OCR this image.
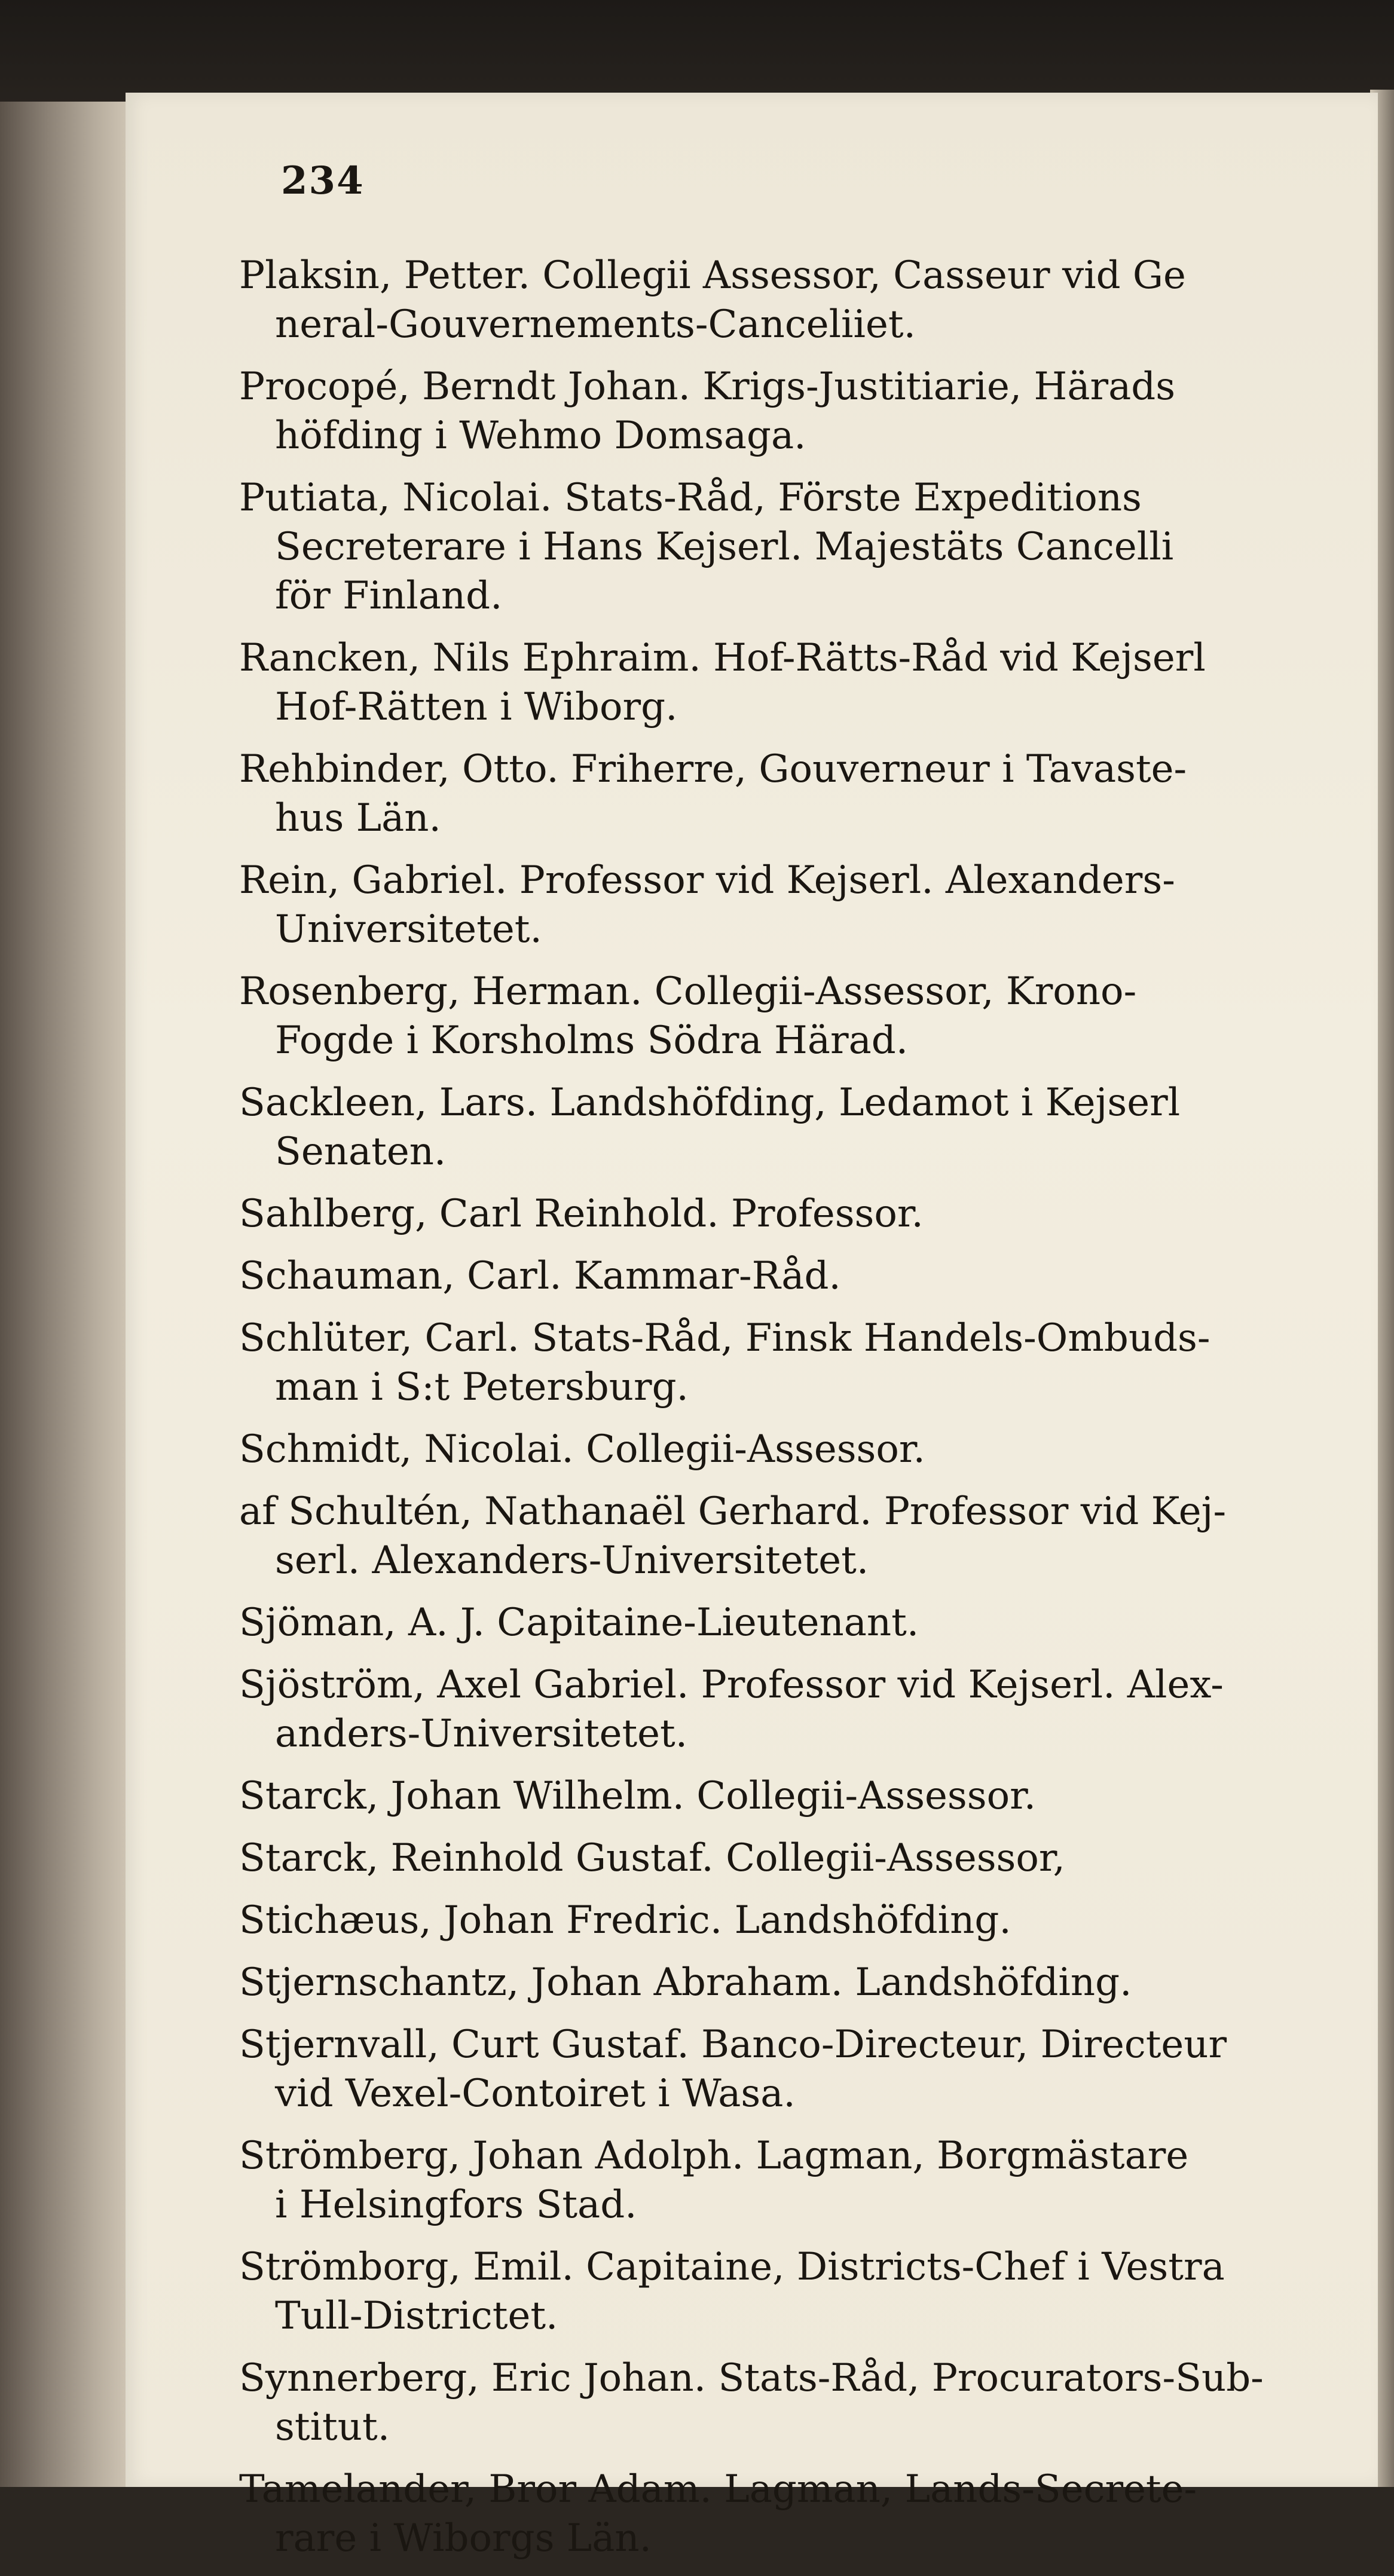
234
Plaksin, Petter. Collegii Assessor, Casseur vid Ge
neral-Gouvernements-Canceliiet.
Procopé, Berndt Johan. Krigs-Justitiarie, Härads
höfding i Wehmo Domsaga.
Putiata, Nicolai. Stats-Råd, Förste Expeditions
Secreterare i Hans Kejserl. Majestäts Cancelli
för Finland.
Rancken, Nils Ephraim. Hof-Rätts-Råd vid Kejserl
Hof-Rätten i Wiborg.
Rehbinder, Otto. Friherre, Gouverneur i Tavaste-
hus Län.
Rein, Gabriel. Professor vid Kejserl. Alexanders-
Universitetet.
Rosenberg, Herman. Collegii-Assessor, Krono-
Fogde i Korsholms Södra Härad.
Sackleen, Lars. Landshöfding, Ledamot i Kejserl
Senaten.
Sahlberg, Carl Reinhold. Professor.
Schauman, Carl. Kammar-Råd.
Schlüter, Carl. Stats-Råd, Finsk Handels-Ombuds-
man i S:t Petersburg.
Schmidt, Nicolai. Collegii-Assessor.
af Schultén, Nathanaël Gerhard. Professor vid Kej-
serl. Alexanders-Universitetet.
Sjöman, A. J. Capitaine-Lieutenant.
Sjöström, Axel Gabriel. Professor vid Kejserl. Alex-
anders-Universitetet.
Starck, Johan Wilhelm. Collegii-Assessor.
Starck, Reinhold Gustaf. Collegii-Assessor,
Stichæus, Johan Fredric. Landshöfding.
Stjernschantz, Johan Abraham. Landshöfding.
Stjernvall, Curt Gustaf. Banco-Directeur, Directeur
vid Vexel-Contoiret i Wasa.
Strömberg, Johan Adolph. Lagman, Borgmästare
i Helsingfors Stad.
Strömborg, Emil. Capitaine, Districts-Chef i Vestra
Tull-Districtet.
Synnerberg, Eric Johan. Stats-Råd, Procurators-Sub-
stitut.
Tamelander, Bror Adam. Lagman, Lands-Secrete-
rare i Wiborgs Län.
